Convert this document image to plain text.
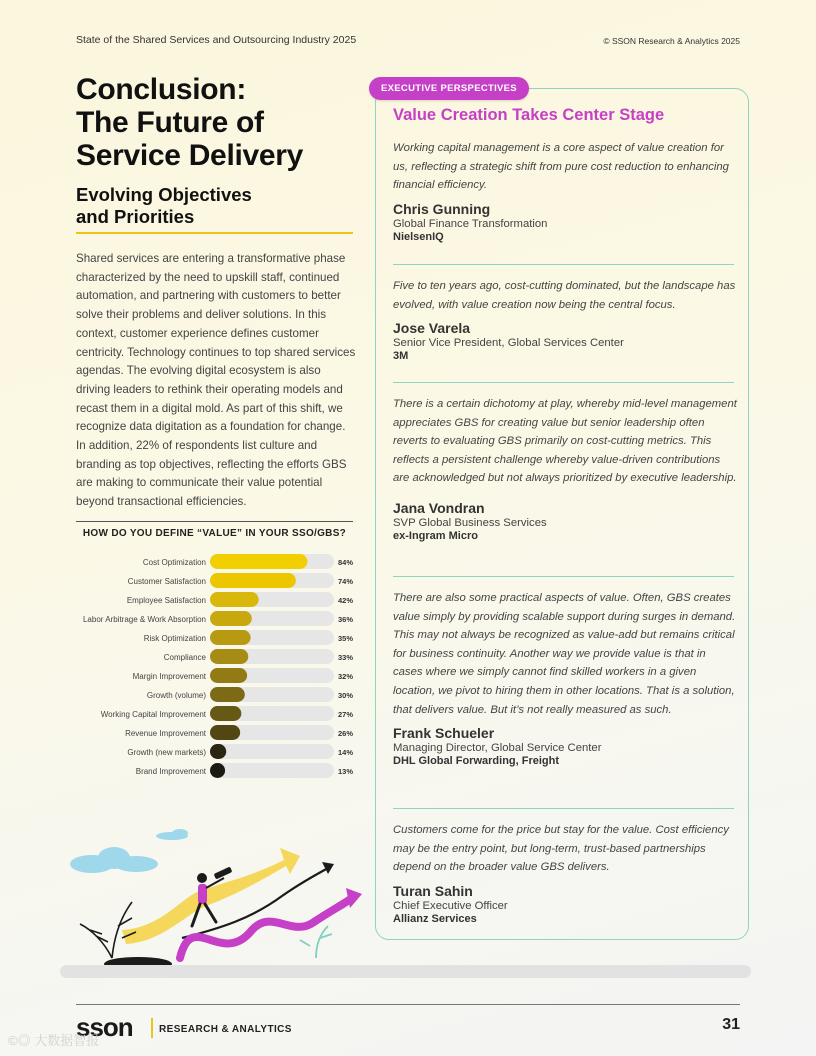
State of the Shared Services and Outsourcing Industry 2025	© SSON Research & Analytics 2025
Conclusion:
The Future of
Service Delivery
Evolving Objectives
and Priorities

Shared services are entering a transformative phase characterized by the need to upskill staff, continued automation, and partnering with customers to better solve their problems and deliver solutions. In this context, customer experience defines customer centricity. Technology continues to top shared services agendas. The evolving digital ecosystem is also driving leaders to rethink their operating models and recast them in a digital mold. As part of this shift, we recognize data digitation as a foundation for change. In addition, 22% of respondents list culture and branding as top objectives, reflecting the efforts GBS are making to communicate their value potential beyond transactional efficiencies.

HOW DO YOU DEFINE “VALUE” IN YOUR SSO/GBS?
Cost Optimization	84%
Customer Satisfaction	74%
Employee Satisfaction	42%
Labor Arbitrage & Work Absorption	36%
Risk Optimization	35%
Compliance	33%
Margin Improvement	32%
Growth (volume)	30%
Working Capital Improvement	27%
Revenue Improvement	26%
Growth (new markets)	14%
Brand Improvement	13%
EXECUTIVE PERSPECTIVES
Value Creation Takes Center Stage

Working capital management is a core aspect of value creation for us, reflecting a strategic shift from pure cost reduction to enhancing financial efficiency.

Chris Gunning
Global Finance Transformation
NielsenIQ

Five to ten years ago, cost-cutting dominated, but the landscape has evolved, with value creation now being the central focus.

Jose Varela
Senior Vice President, Global Services Center
3M

There is a certain dichotomy at play, whereby mid-level management appreciates GBS for creating value but senior leadership often reverts to evaluating GBS primarily on cost-cutting metrics. This reflects a persistent challenge whereby value-driven contributions are acknowledged but not always prioritized by executive leadership.

Jana Vondran
SVP Global Business Services
ex-Ingram Micro

There are also some practical aspects of value. Often, GBS creates value simply by providing scalable support during surges in demand. This may not always be recognized as value-add but remains critical for business continuity. Another way we provide value is that in cases where we simply cannot find skilled workers in a given location, we pivot to hiring them in other locations. That is a solution, that delivers value. But it’s not really measured as such.

Frank Schueler
Managing Director, Global Service Center
DHL Global Forwarding, Freight

Customers come for the price but stay for the value. Cost efficiency may be the entry point, but long-term, trust-based partnerships depend on the broader value GBS delivers.

Turan Sahin
Chief Executive Officer
Allianz Services
sson	RESEARCH & ANALYTICS	31
©◎ 大数据智报
